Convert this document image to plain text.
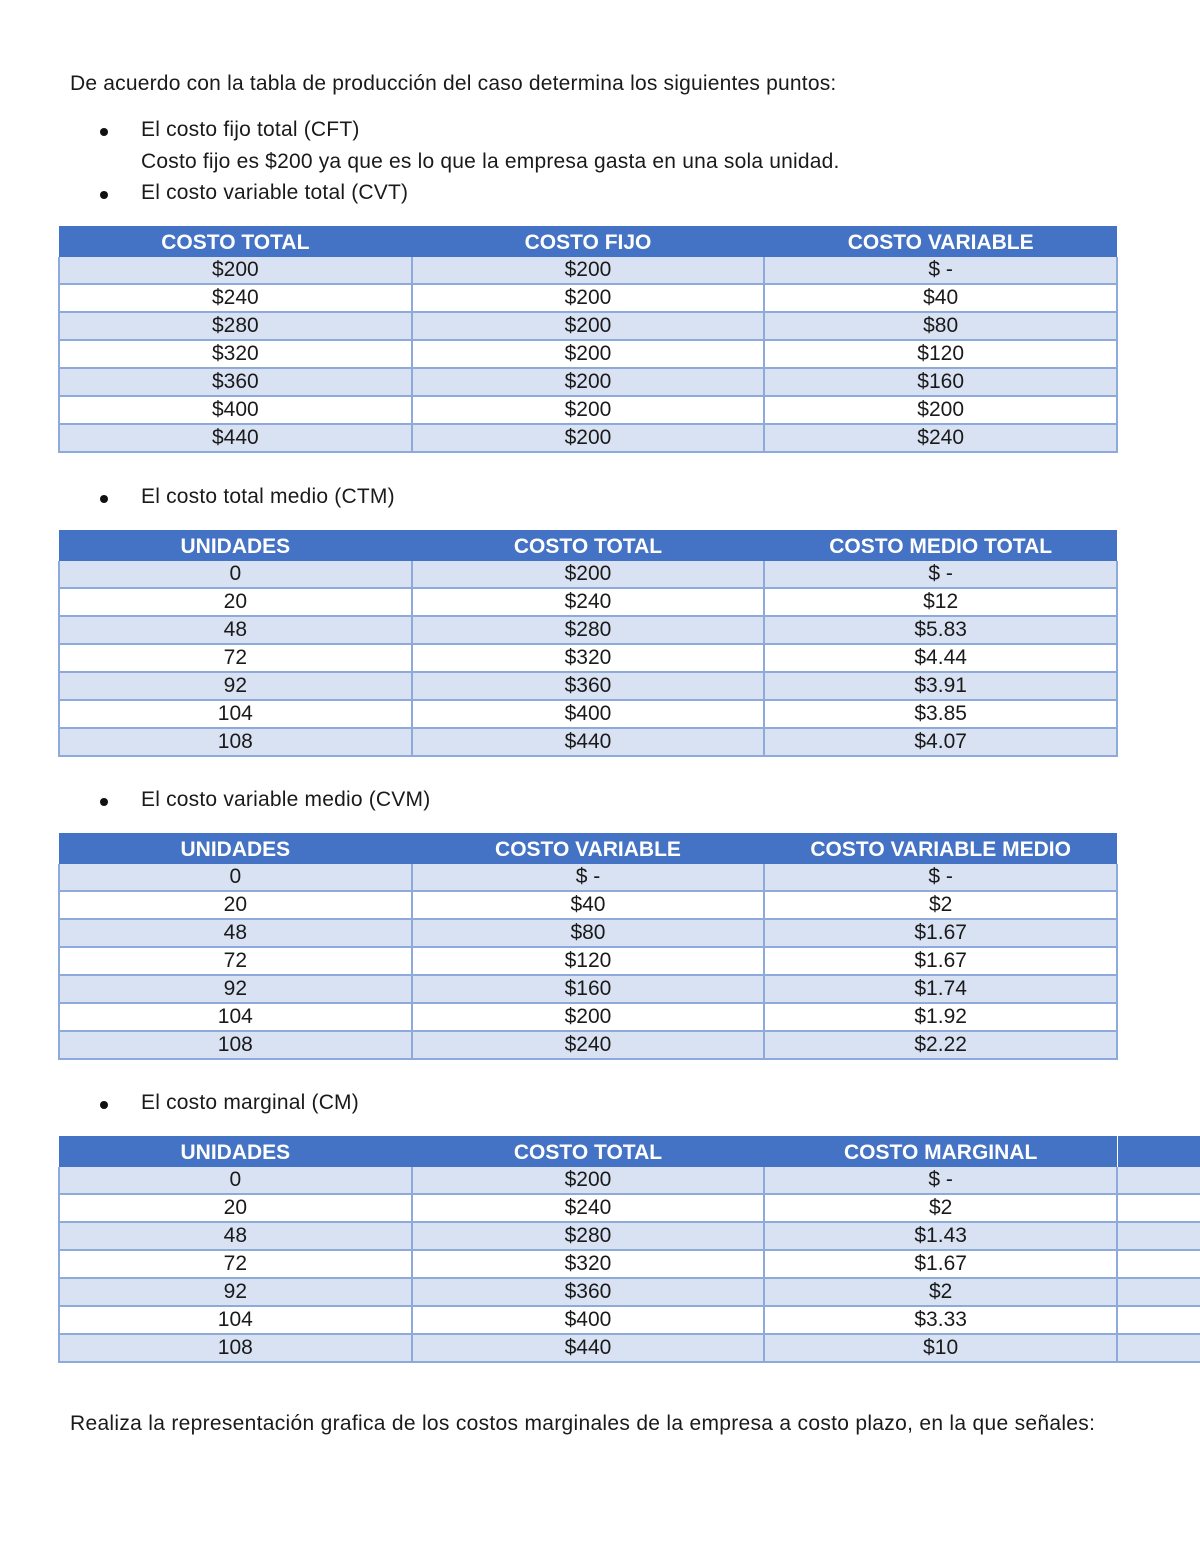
De acuerdo con la tabla de producción del caso determina los siguientes puntos:
El costo fijo total (CFT)
Costo fijo es $200 ya que es lo que la empresa gasta en una sola unidad.
El costo variable total (CVT)
COSTO TOTAL	COSTO FIJO	COSTO VARIABLE
$200	$200	$ -
$240	$200	$40
$280	$200	$80
$320	$200	$120
$360	$200	$160
$400	$200	$200
$440	$200	$240
El costo total medio (CTM)
UNIDADES	COSTO TOTAL	COSTO MEDIO TOTAL
0	$200	$ -
20	$240	$12
48	$280	$5.83
72	$320	$4.44
92	$360	$3.91
104	$400	$3.85
108	$440	$4.07
El costo variable medio (CVM)
UNIDADES	COSTO VARIABLE	COSTO VARIABLE MEDIO
0	$ -	$ -
20	$40	$2
48	$80	$1.67
72	$120	$1.67
92	$160	$1.74
104	$200	$1.92
108	$240	$2.22
El costo marginal (CM)
UNIDADES	COSTO TOTAL	COSTO MARGINAL
0	$200	$ -
20	$240	$2
48	$280	$1.43
72	$320	$1.67
92	$360	$2
104	$400	$3.33
108	$440	$10
Realiza la representación grafica de los costos marginales de la empresa a costo plazo, en la que señales:
